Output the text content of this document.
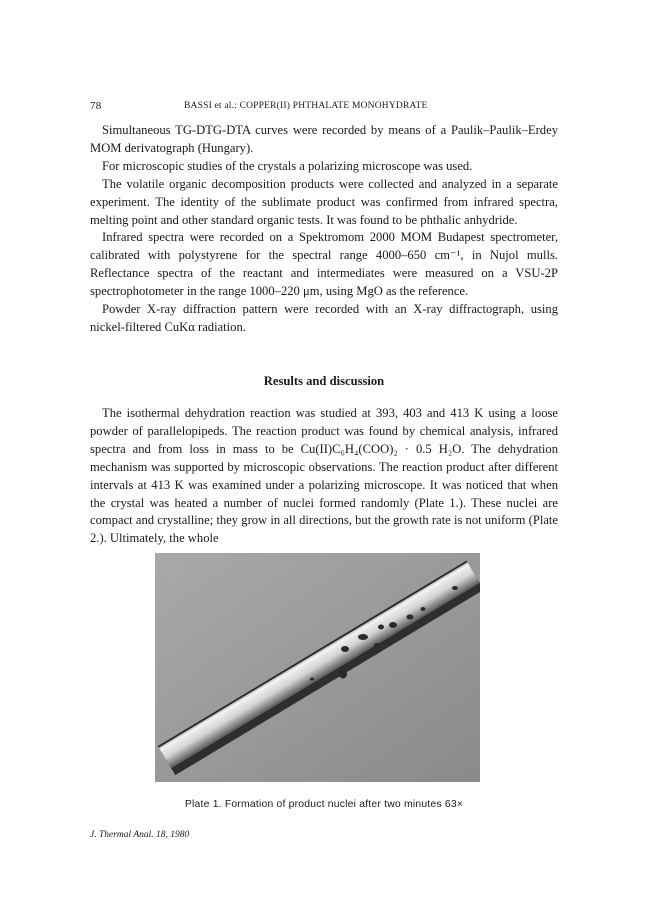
78	BASSI et al.: COPPER(II) PHTHALATE MONOHYDRATE

Simultaneous TG-DTG-DTA curves were recorded by means of a Paulik–Paulik–Erdey MOM derivatograph (Hungary).

For microscopic studies of the crystals a polarizing microscope was used.

The volatile organic decomposition products were collected and analyzed in a separate experiment. The identity of the sublimate product was confirmed from infrared spectra, melting point and other standard organic tests. It was found to be phthalic anhydride.

Infrared spectra were recorded on a Spektromom 2000 MOM Budapest spectrometer, calibrated with polystyrene for the spectral range 4000–650 cm⁻¹, in Nujol mulls. Reflectance spectra of the reactant and intermediates were measured on a VSU-2P spectrophotometer in the range 1000–220 μm, using MgO as the reference.

Powder X-ray diffraction pattern were recorded with an X-ray diffractograph, using nickel-filtered CuKα radiation.

Results and discussion

The isothermal dehydration reaction was studied at 393, 403 and 413 K using a loose powder of parallelopipeds. The reaction product was found by chemical analysis, infrared spectra and from loss in mass to be Cu(II)C₆H₄(COO)₂ · 0.5 H₂O. The dehydration mechanism was supported by microscopic observations. The reaction product after different intervals at 413 K was examined under a polarizing microscope. It was noticed that when the crystal was heated a number of nuclei formed randomly (Plate 1.). These nuclei are compact and crystalline; they grow in all directions, but the growth rate is not uniform (Plate 2.). Ultimately, the whole

Plate 1. Formation of product nuclei after two minutes 63×
J. Thermal Anal. 18, 1980
